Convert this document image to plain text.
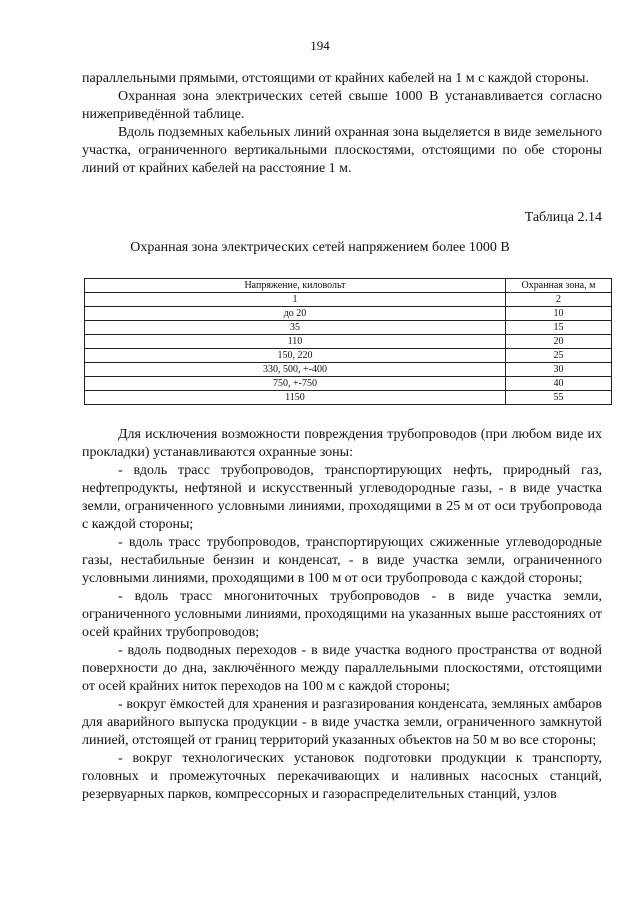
194

параллельными прямыми, отстоящими от крайних кабелей на 1 м с каждой стороны.

Охранная зона электрических сетей свыше 1000 В устанавливается согласно нижеприведённой таблице.

Вдоль подземных кабельных линий охранная зона выделяется в виде земельного участка, ограниченного вертикальными плоскостями, отстоящими по обе стороны линий от крайних кабелей на расстояние 1 м.

Таблица 2.14
Охранная зона электрических сетей напряжением более 1000 В
Напряжение, киловольт	Охранная зона, м
1	2
до 20	10
35	15
110	20
150, 220	25
330, 500, +-400	30
750, +-750	40
1150	55

Для исключения возможности повреждения трубопроводов (при любом виде их прокладки) устанавливаются охранные зоны:

- вдоль трасс трубопроводов, транспортирующих нефть, природный газ, нефтепродукты, нефтяной и искусственный углеводородные газы, - в виде участка земли, ограниченного условными линиями, проходящими в 25 м от оси трубопровода с каждой стороны;

- вдоль трасс трубопроводов, транспортирующих сжиженные углеводородные газы, нестабильные бензин и конденсат, - в виде участка земли, ограниченного условными линиями, проходящими в 100 м от оси трубопровода с каждой стороны;

- вдоль трасс многониточных трубопроводов - в виде участка земли, ограниченного условными линиями, проходящими на указанных выше расстояниях от осей крайних трубопроводов;

- вдоль подводных переходов - в виде участка водного пространства от водной поверхности до дна, заключённого между параллельными плоскостями, отстоящими от осей крайних ниток переходов на 100 м с каждой стороны;

- вокруг ёмкостей для хранения и разгазирования конденсата, земляных амбаров для аварийного выпуска продукции - в виде участка земли, ограниченного замкнутой линией, отстоящей от границ территорий указанных объектов на 50 м во все стороны;

- вокруг технологических установок подготовки продукции к транспорту, головных и промежуточных перекачивающих и наливных насосных станций, резервуарных парков, компрессорных и газораспределительных станций, узлов
